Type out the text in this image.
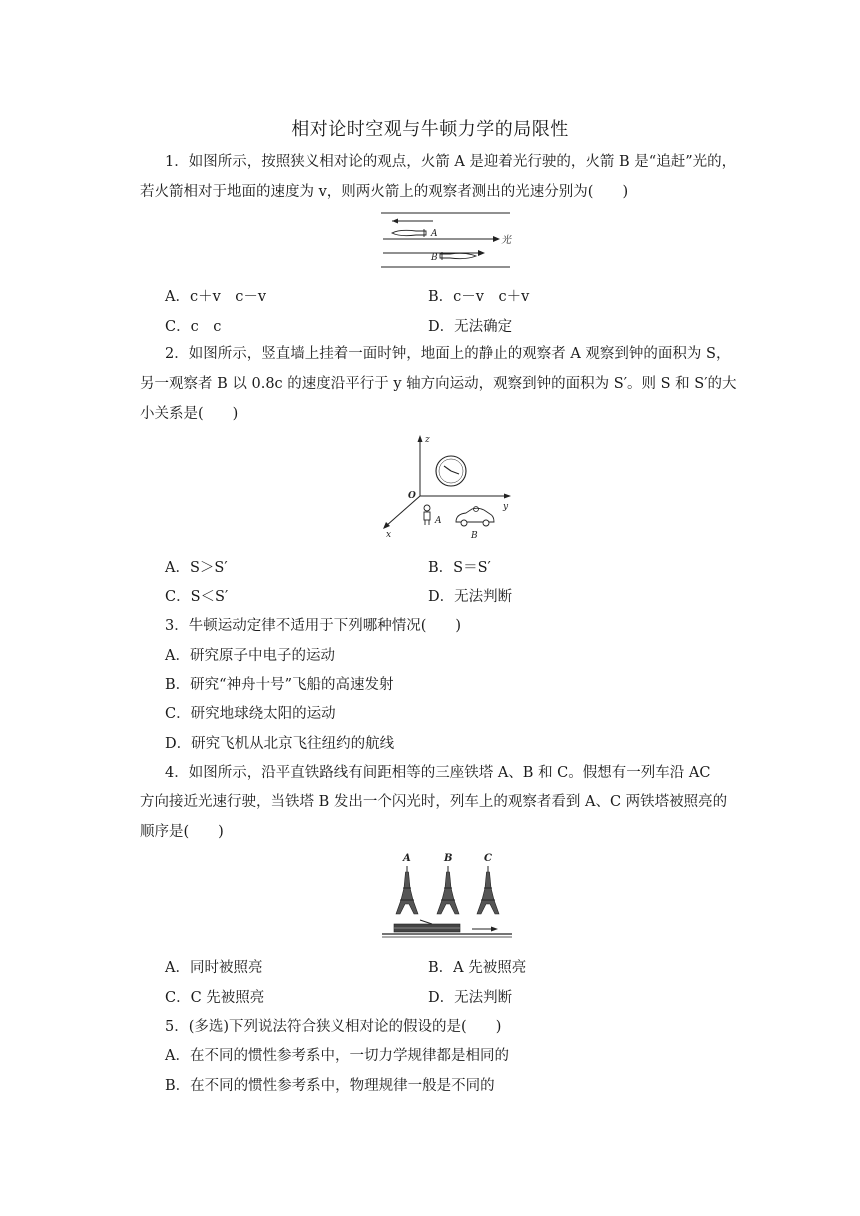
相对论时空观与牛顿力学的局限性
1．如图所示，按照狭义相对论的观点，火箭 A 是迎着光行驶的，火箭 B 是“追赶”光的，
若火箭相对于地面的速度为 v，则两火箭上的观察者测出的光速分别为(　　)
A
光
B
A．c＋v　c－v	B．c－v　c＋v
C．c　c	D．无法确定
2．如图所示，竖直墙上挂着一面时钟，地面上的静止的观察者 A 观察到钟的面积为 S，
另一观察者 B 以 0.8c 的速度沿平行于 y 轴方向运动，观察到钟的面积为 S′。则 S 和 S′的大
小关系是(　　)
z
y
x
O
A
B
A．S＞S′	B．S＝S′
C．S＜S′	D．无法判断
3．牛顿运动定律不适用于下列哪种情况(　　)
A．研究原子中电子的运动
B．研究“神舟十号”飞船的高速发射
C．研究地球绕太阳的运动
D．研究飞机从北京飞往纽约的航线
4．如图所示，沿平直铁路线有间距相等的三座铁塔 A、B 和 C。假想有一列车沿 AC
方向接近光速行驶，当铁塔 B 发出一个闪光时，列车上的观察者看到 A、C 两铁塔被照亮的
顺序是(　　)
A	B	C
A．同时被照亮	B．A 先被照亮
C．C 先被照亮	D．无法判断
5．(多选)下列说法符合狭义相对论的假设的是(　　)
A．在不同的惯性参考系中，一切力学规律都是相同的
B．在不同的惯性参考系中，物理规律一般是不同的
